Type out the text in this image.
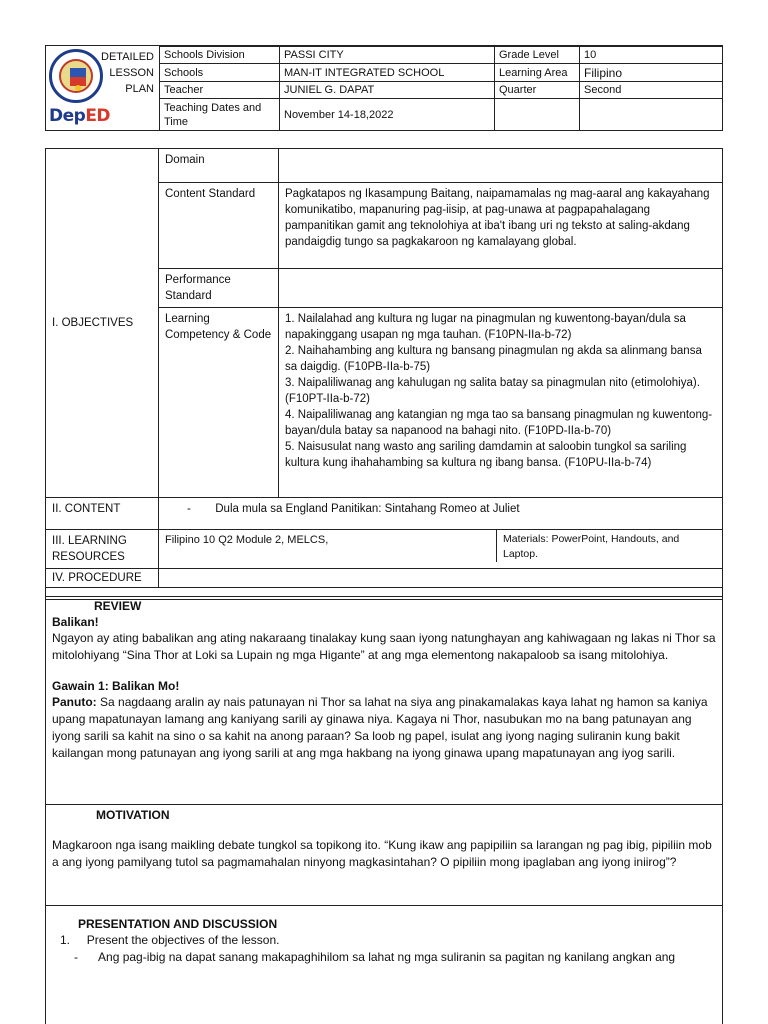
DepED
DETAILED
LESSON
PLAN
Schools Division	PASSI CITY	Grade Level	10
Schools	MAN-IT INTEGRATED SCHOOL	Learning Area	Filipino
Teacher	JUNIEL G. DAPAT	Quarter	Second
Teaching Dates and Time	November 14-18,2022		
I. OBJECTIVES	Domain	
	Content Standard	Pagkatapos ng Ikasampung Baitang, naipamamalas ng mag-aaral ang kakayahang komunikatibo, mapanuring pag-iisip, at pag-unawa at pagpapahalagang pampanitikan gamit ang teknolohiya at iba't ibang uri ng teksto at saling-akdang pandaigdig tungo sa pagkakaroon ng kamalayang global.
	Performance Standard	
	Learning Competency & Code	1. Nailalahad ang kultura ng lugar na pinagmulan ng kuwentong-bayan/dula sa napakinggang usapan ng mga tauhan. (F10PN-IIa-b-72)
2. Naihahambing ang kultura ng bansang pinagmulan ng akda sa alinmang bansa sa daigdig. (F10PB-IIa-b-75)
3. Naipaliliwanag ang kahulugan ng salita batay sa pinagmulan nito (etimolohiya). (F10PT-IIa-b-72)
4. Naipaliliwanag ang katangian ng mga tao sa bansang pinagmulan ng kuwentong-bayan/dula batay sa napanood na bahagi nito. (F10PD-IIa-b-70)
5. Naisusulat nang wasto ang sariling damdamin at saloobin tungkol sa sariling kultura kung ihahahambing sa kultura ng ibang bansa. (F10PU-IIa-b-74)

II. CONTENT	- Dula mula sa England Panitikan: Sintahang Romeo at Juliet	
III. LEARNING RESOURCES	Filipino 10 Q2 Module 2, MELCS, Materials: PowerPoint, Handouts, and Laptop.	

IV. PROCEDURE		

REVIEW
Balikan!

Ngayon ay ating babalikan ang ating nakaraang tinalakay kung saan iyong natunghayan ang kahiwagaan ng lakas ni Thor sa mitolohiyang “Sina Thor at Loki sa Lupain ng mga Higante” at ang mga elementong nakapaloob sa isang mitolohiya.

Gawain 1: Balikan Mo!

Panuto: Sa nagdaang aralin ay nais patunayan ni Thor sa lahat na siya ang pinakamalakas kaya lahat ng hamon sa kaniya upang mapatunayan lamang ang kaniyang sarili ay ginawa niya. Kagaya ni Thor, nasubukan mo na bang patunayan ang iyong sarili sa kahit na sino o sa kahit na anong paraan? Sa loob ng papel, isulat ang iyong naging suliranin kung bakit kailangan mong patunayan ang iyong sarili at ang mga hakbang na iyong ginawa upang mapatunayan ang iyog sarili.

MOTIVATION

Magkaroon nga isang maikling debate tungkol sa topikong ito. “Kung ikaw ang papipiliin sa larangan ng pag ibig, pipiliin mob a ang iyong pamilyang tutol sa pagmamahalan ninyong magkasintahan? O pipiliin mong ipaglaban ang iyong iniirog”?

PRESENTATION AND DISCUSSION

1. Present the objectives of the lesson.

- Ang pag-ibig na dapat sanang makapaghihilom sa lahat ng mga suliranin sa pagitan ng kanilang angkan ang
